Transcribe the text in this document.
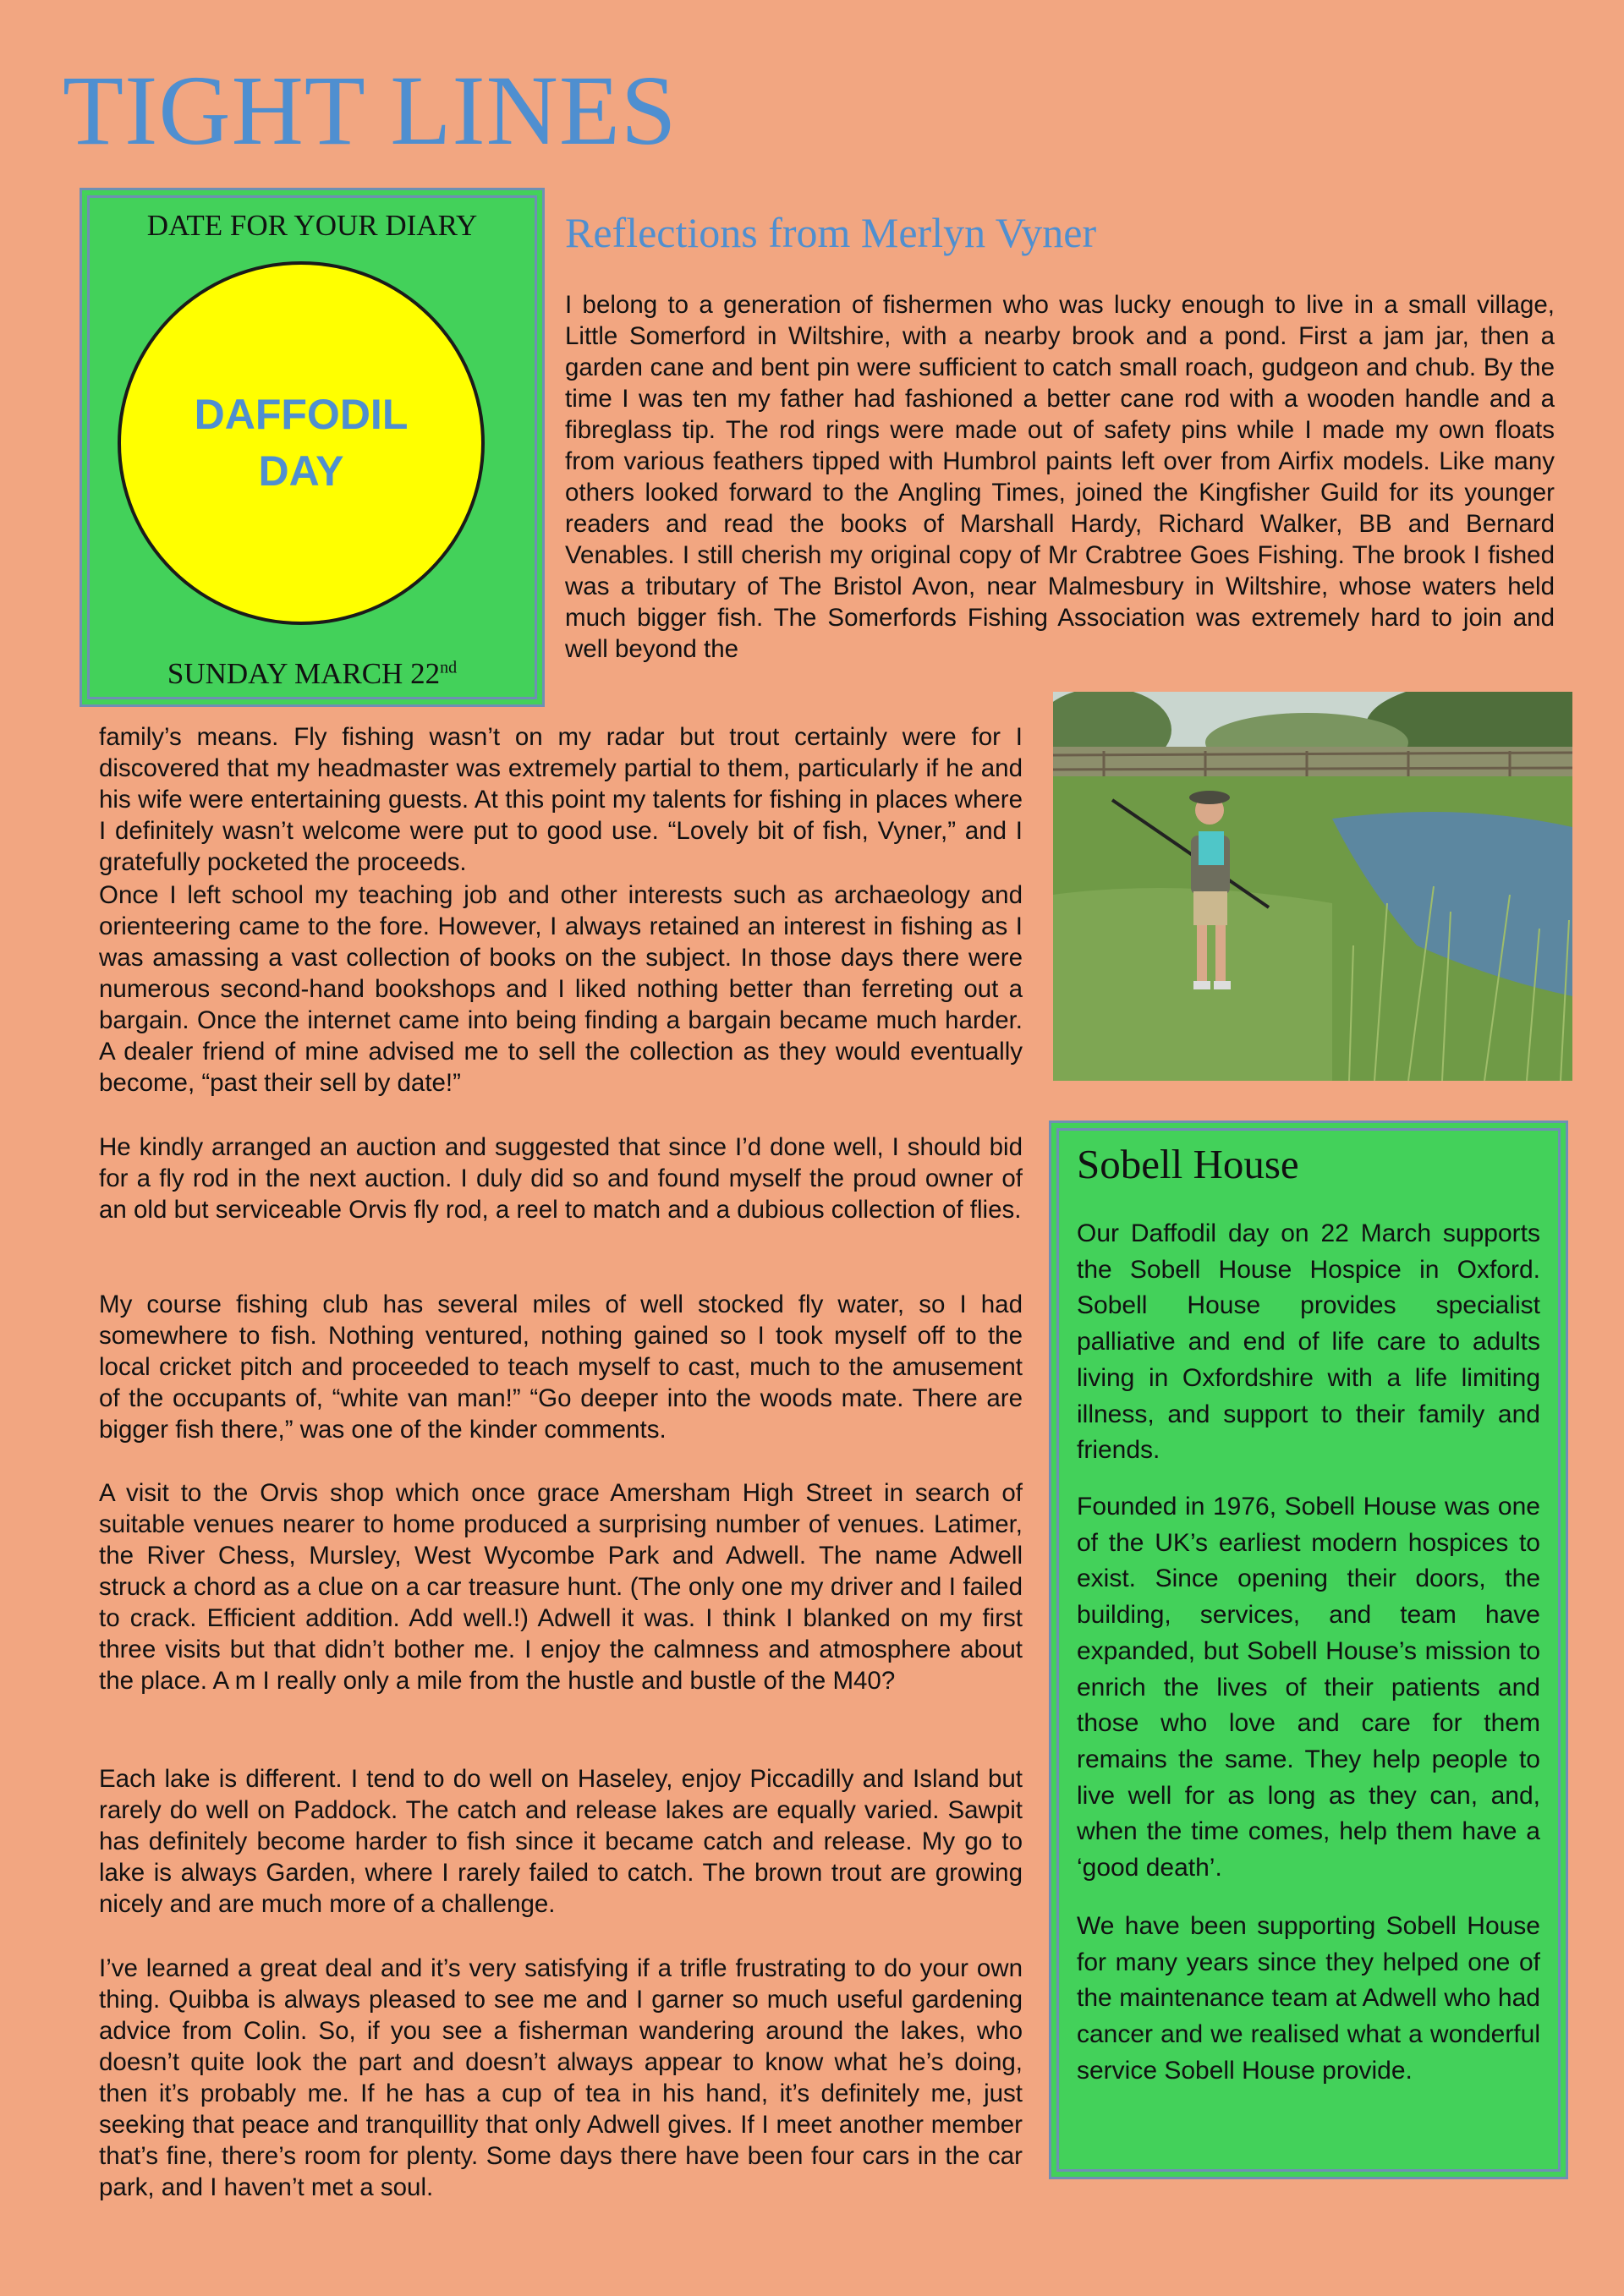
TIGHT LINES
DATE FOR YOUR DIARY
DAFFODIL
DAY
SUNDAY MARCH 22nd
Reflections from Merlyn Vyner

I belong to a generation of fishermen who was lucky enough to live in a small village, Little Somerford in Wiltshire, with a nearby brook and a pond. First a jam jar, then a garden cane and bent pin were sufficient to catch small roach, gudgeon and chub. By the time I was ten my father had fashioned a better cane rod with a wooden handle and a fibreglass tip. The rod rings were made out of safety pins while I made my own floats from various feathers tipped with Humbrol paints left over from Airfix models. Like many others looked forward to the Angling Times, joined the Kingfisher Guild for its younger readers and read the books of Marshall Hardy, Richard Walker, BB and Bernard Venables. I still cherish my original copy of Mr Crabtree Goes Fishing. The brook I fished was a tributary of The Bristol Avon, near Malmesbury in Wiltshire, whose waters held much bigger fish. The Somerfords Fishing Association was extremely hard to join and well beyond the

family’s means. Fly fishing wasn’t on my radar but trout certainly were for I discovered that my headmaster was extremely partial to them, particularly if he and his wife were entertaining guests. At this point my talents for fishing in places where I definitely wasn’t welcome were put to good use. “Lovely bit of fish, Vyner,” and I gratefully pocketed the proceeds.

Once I left school my teaching job and other interests such as archaeology and orienteering came to the fore. However, I always retained an interest in fishing as I was amassing a vast collection of books on the subject. In those days there were numerous second-hand bookshops and I liked nothing better than ferreting out a bargain. Once the internet came into being finding a bargain became much harder. A dealer friend of mine advised me to sell the collection as they would eventually become, “past their sell by date!”

He kindly arranged an auction and suggested that since I’d done well, I should bid for a fly rod in the next auction. I duly did so and found myself the proud owner of an old but serviceable Orvis fly rod, a reel to match and a dubious collection of flies.

My course fishing club has several miles of well stocked fly water, so I had somewhere to fish. Nothing ventured, nothing gained so I took myself off to the local cricket pitch and proceeded to teach myself to cast, much to the amusement of the occupants of, “white van man!” “Go deeper into the woods mate. There are bigger fish there,” was one of the kinder comments.

A visit to the Orvis shop which once grace Amersham High Street in search of suitable venues nearer to home produced a surprising number of venues. Latimer, the River Chess, Mursley, West Wycombe Park and Adwell. The name Adwell struck a chord as a clue on a car treasure hunt. (The only one my driver and I failed to crack. Efficient addition. Add well.!) Adwell it was. I think I blanked on my first three visits but that didn’t bother me. I enjoy the calmness and atmosphere about the place. A m I really only a mile from the hustle and bustle of the M40?

Each lake is different. I tend to do well on Haseley, enjoy Piccadilly and Island but rarely do well on Paddock. The catch and release lakes are equally varied. Sawpit has definitely become harder to fish since it became catch and release. My go to lake is always Garden, where I rarely failed to catch. The brown trout are growing nicely and are much more of a challenge.

I’ve learned a great deal and it’s very satisfying if a trifle frustrating to do your own thing. Quibba is always pleased to see me and I garner so much useful gardening advice from Colin. So, if you see a fisherman wandering around the lakes, who doesn’t quite look the part and doesn’t always appear to know what he’s doing, then it’s probably me. If he has a cup of tea in his hand, it’s definitely me, just seeking that peace and tranquillity that only Adwell gives. If I meet another member that’s fine, there’s room for plenty. Some days there have been four cars in the car park, and I haven’t met a soul.

Sobell House

Our Daffodil day on 22 March supports the Sobell House Hospice in Oxford. Sobell House provides specialist palliative and end of life care to adults living in Oxfordshire with a life limiting illness, and support to their family and friends.

Founded in 1976, Sobell House was one of the UK’s earliest modern hospices to exist. Since opening their doors, the building, services, and team have expanded, but Sobell House’s mission to enrich the lives of their patients and those who love and care for them remains the same. They help people to live well for as long as they can, and, when the time comes, help them have a ‘good death’.

We have been supporting Sobell House for many years since they helped one of the maintenance team at Adwell who had cancer and we realised what a wonderful service Sobell House provide.
